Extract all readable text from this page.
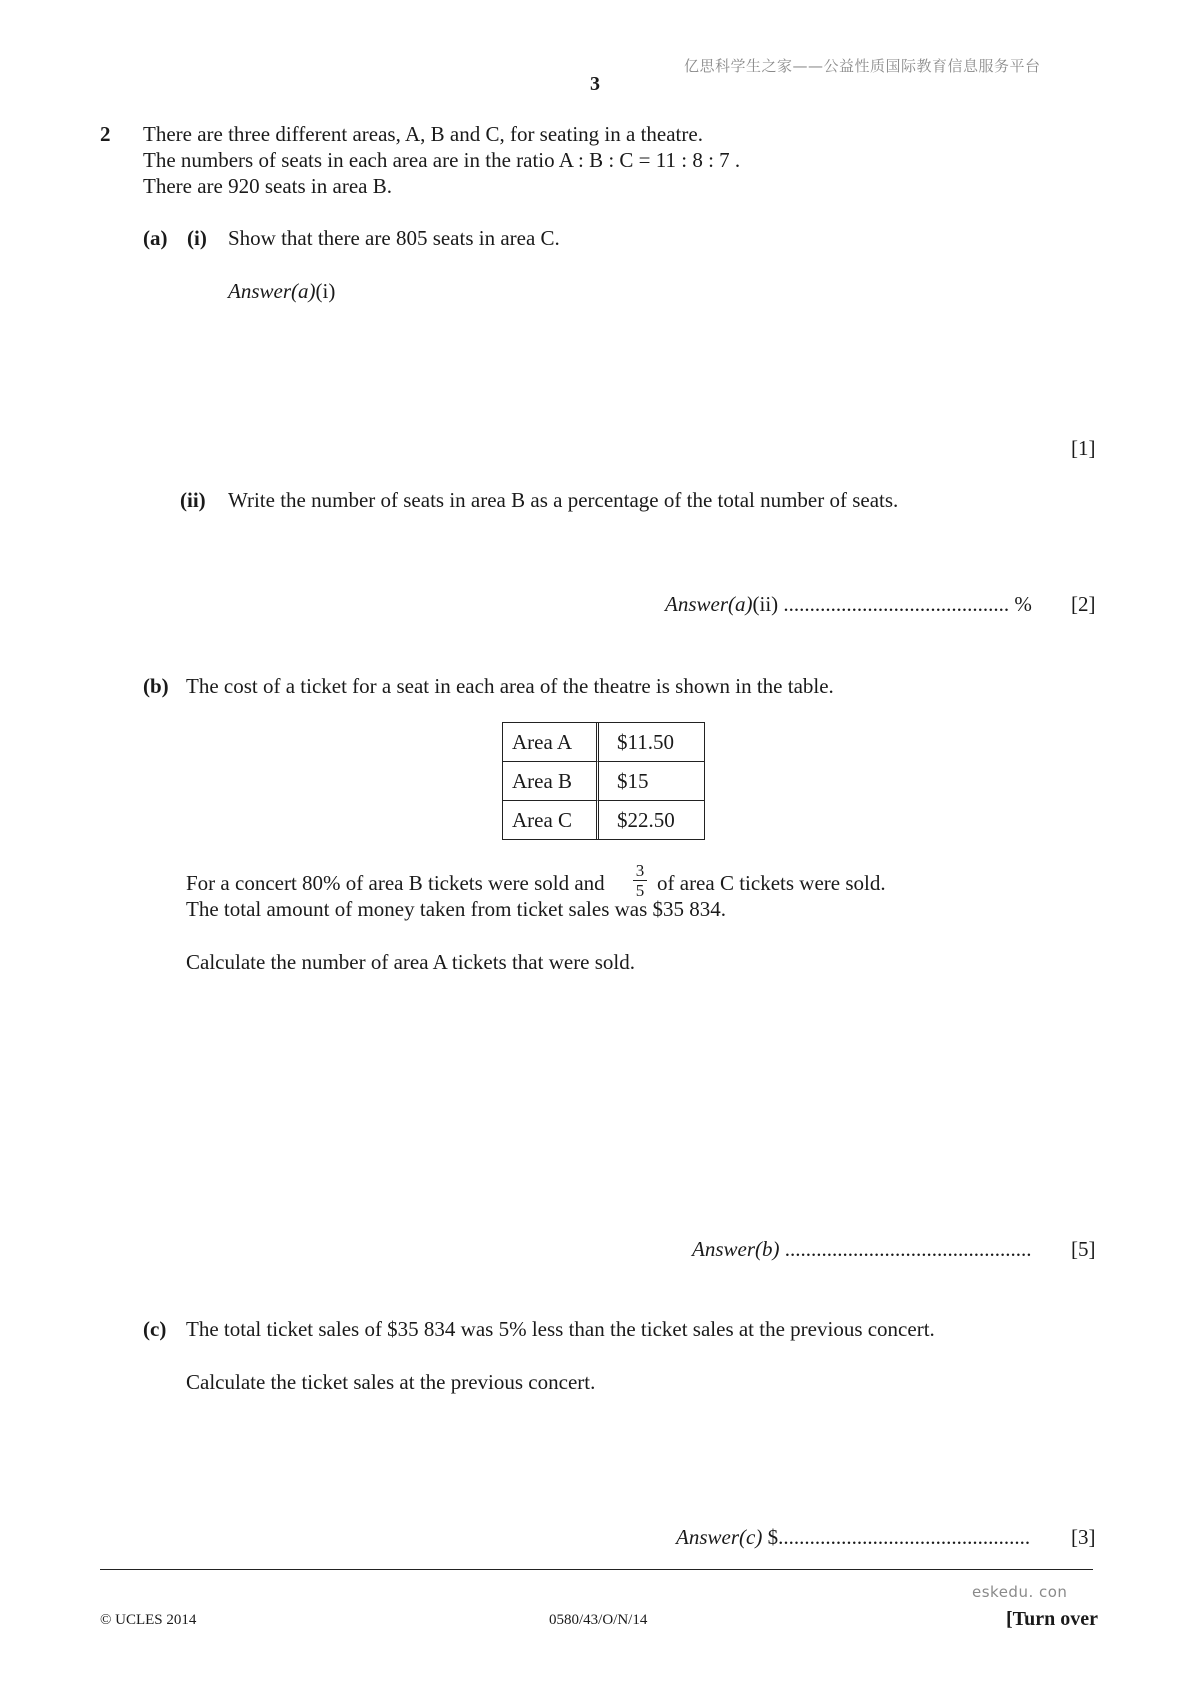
亿思科学生之家——公益性质国际教育信息服务平台
3
2 There are three different areas, A, B and C, for seating in a theatre.
The numbers of seats in each area are in the ratio A : B : C = 11 : 8 : 7 .
There are 920 seats in area B.
(a) (i) Show that there are 805 seats in area C.
Answer(a)(i)
[1]
(ii) Write the number of seats in area B as a percentage of the total number of seats.
Answer(a)(ii) ........................................... % [2]
(b) The cost of a ticket for a seat in each area of the theatre is shown in the table.
Area A	$11.50
Area B	$15
Area C	$22.50
For a concert 80% of area B tickets were sold and
3
5 of area C tickets were sold.
The total amount of money taken from ticket sales was $35 834.
Calculate the number of area A tickets that were sold.
Answer(b) ............................................... [5]
(c) The total ticket sales of $35 834 was 5% less than the ticket sales at the previous concert.
Calculate the ticket sales at the previous concert.
Answer(c) $................................................ [3]
eskedu. con
© UCLES 2014	0580/43/O/N/14	[Turn over
